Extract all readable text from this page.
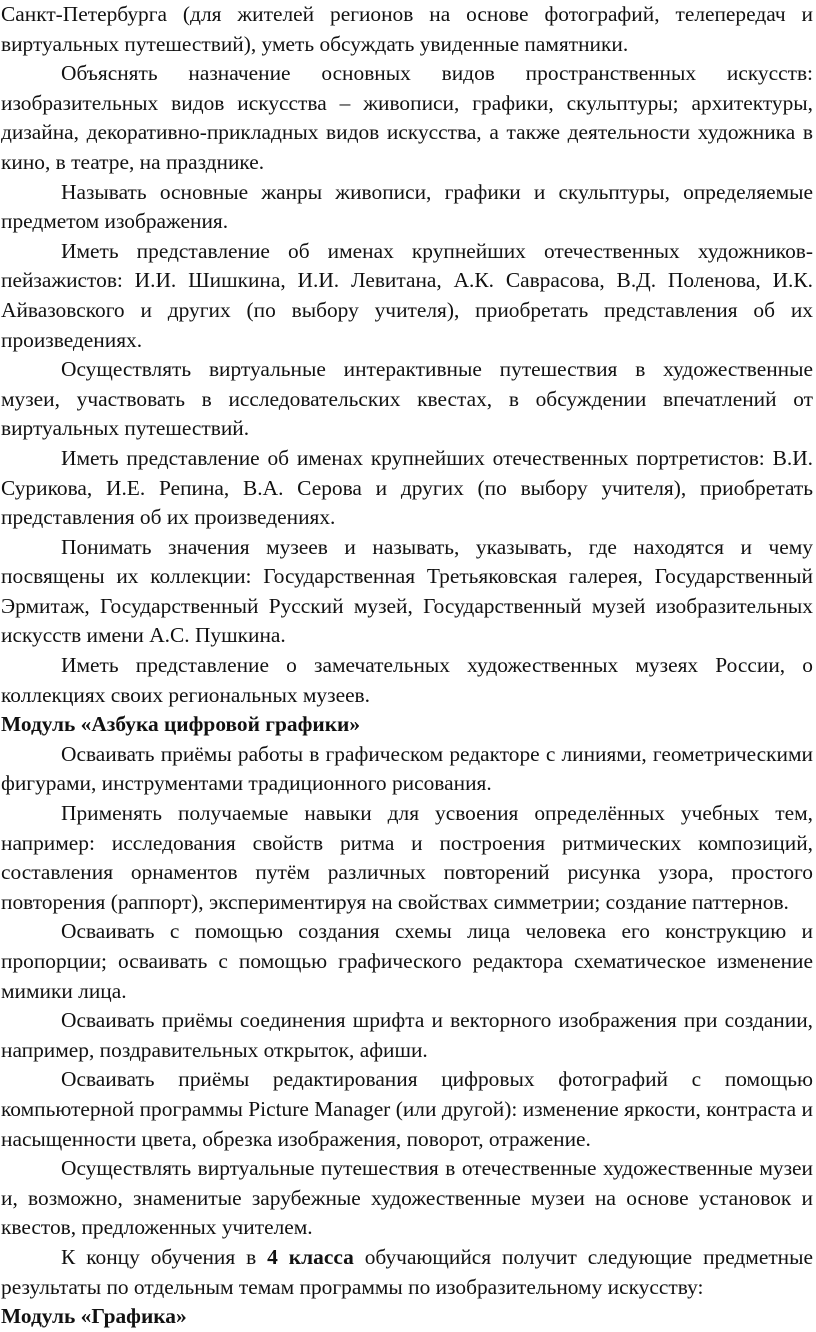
Санкт-Петербурга (для жителей регионов на основе фотографий, телепередач и виртуальных путешествий), уметь обсуждать увиденные памятники.

Объяснять назначение основных видов пространственных искусств: изобразительных видов искусства – живописи, графики, скульптуры; архитектуры, дизайна, декоративно-прикладных видов искусства, а также деятельности художника в кино, в театре, на празднике.

Называть основные жанры живописи, графики и скульптуры, определяемые предметом изображения.

Иметь представление об именах крупнейших отечественных художников-пейзажистов: И.И. Шишкина, И.И. Левитана, А.К. Саврасова, В.Д. Поленова, И.К. Айвазовского и других (по выбору учителя), приобретать представления об их произведениях.

Осуществлять виртуальные интерактивные путешествия в художественные музеи, участвовать в исследовательских квестах, в обсуждении впечатлений от виртуальных путешествий.

Иметь представление об именах крупнейших отечественных портретистов: В.И. Сурикова, И.Е. Репина, В.А. Серова и других (по выбору учителя), приобретать представления об их произведениях.

Понимать значения музеев и называть, указывать, где находятся и чему посвящены их коллекции: Государственная Третьяковская галерея, Государственный Эрмитаж, Государственный Русский музей, Государственный музей изобразительных искусств имени А.С. Пушкина.

Иметь представление о замечательных художественных музеях России, о коллекциях своих региональных музеев.

Модуль «Азбука цифровой графики»

Осваивать приёмы работы в графическом редакторе с линиями, геометрическими фигурами, инструментами традиционного рисования.

Применять получаемые навыки для усвоения определённых учебных тем, например: исследования свойств ритма и построения ритмических композиций, составления орнаментов путём различных повторений рисунка узора, простого повторения (раппорт), экспериментируя на свойствах симметрии; создание паттернов.

Осваивать с помощью создания схемы лица человека его конструкцию и пропорции; осваивать с помощью графического редактора схематическое изменение мимики лица.

Осваивать приёмы соединения шрифта и векторного изображения при создании, например, поздравительных открыток, афиши.

Осваивать приёмы редактирования цифровых фотографий с помощью компьютерной программы Picture Manager (или другой): изменение яркости, контраста и насыщенности цвета, обрезка изображения, поворот, отражение.

Осуществлять виртуальные путешествия в отечественные художественные музеи и, возможно, знаменитые зарубежные художественные музеи на основе установок и квестов, предложенных учителем.

К концу обучения в 4 класса обучающийся получит следующие предметные результаты по отдельным темам программы по изобразительному искусству:

Модуль «Графика»
